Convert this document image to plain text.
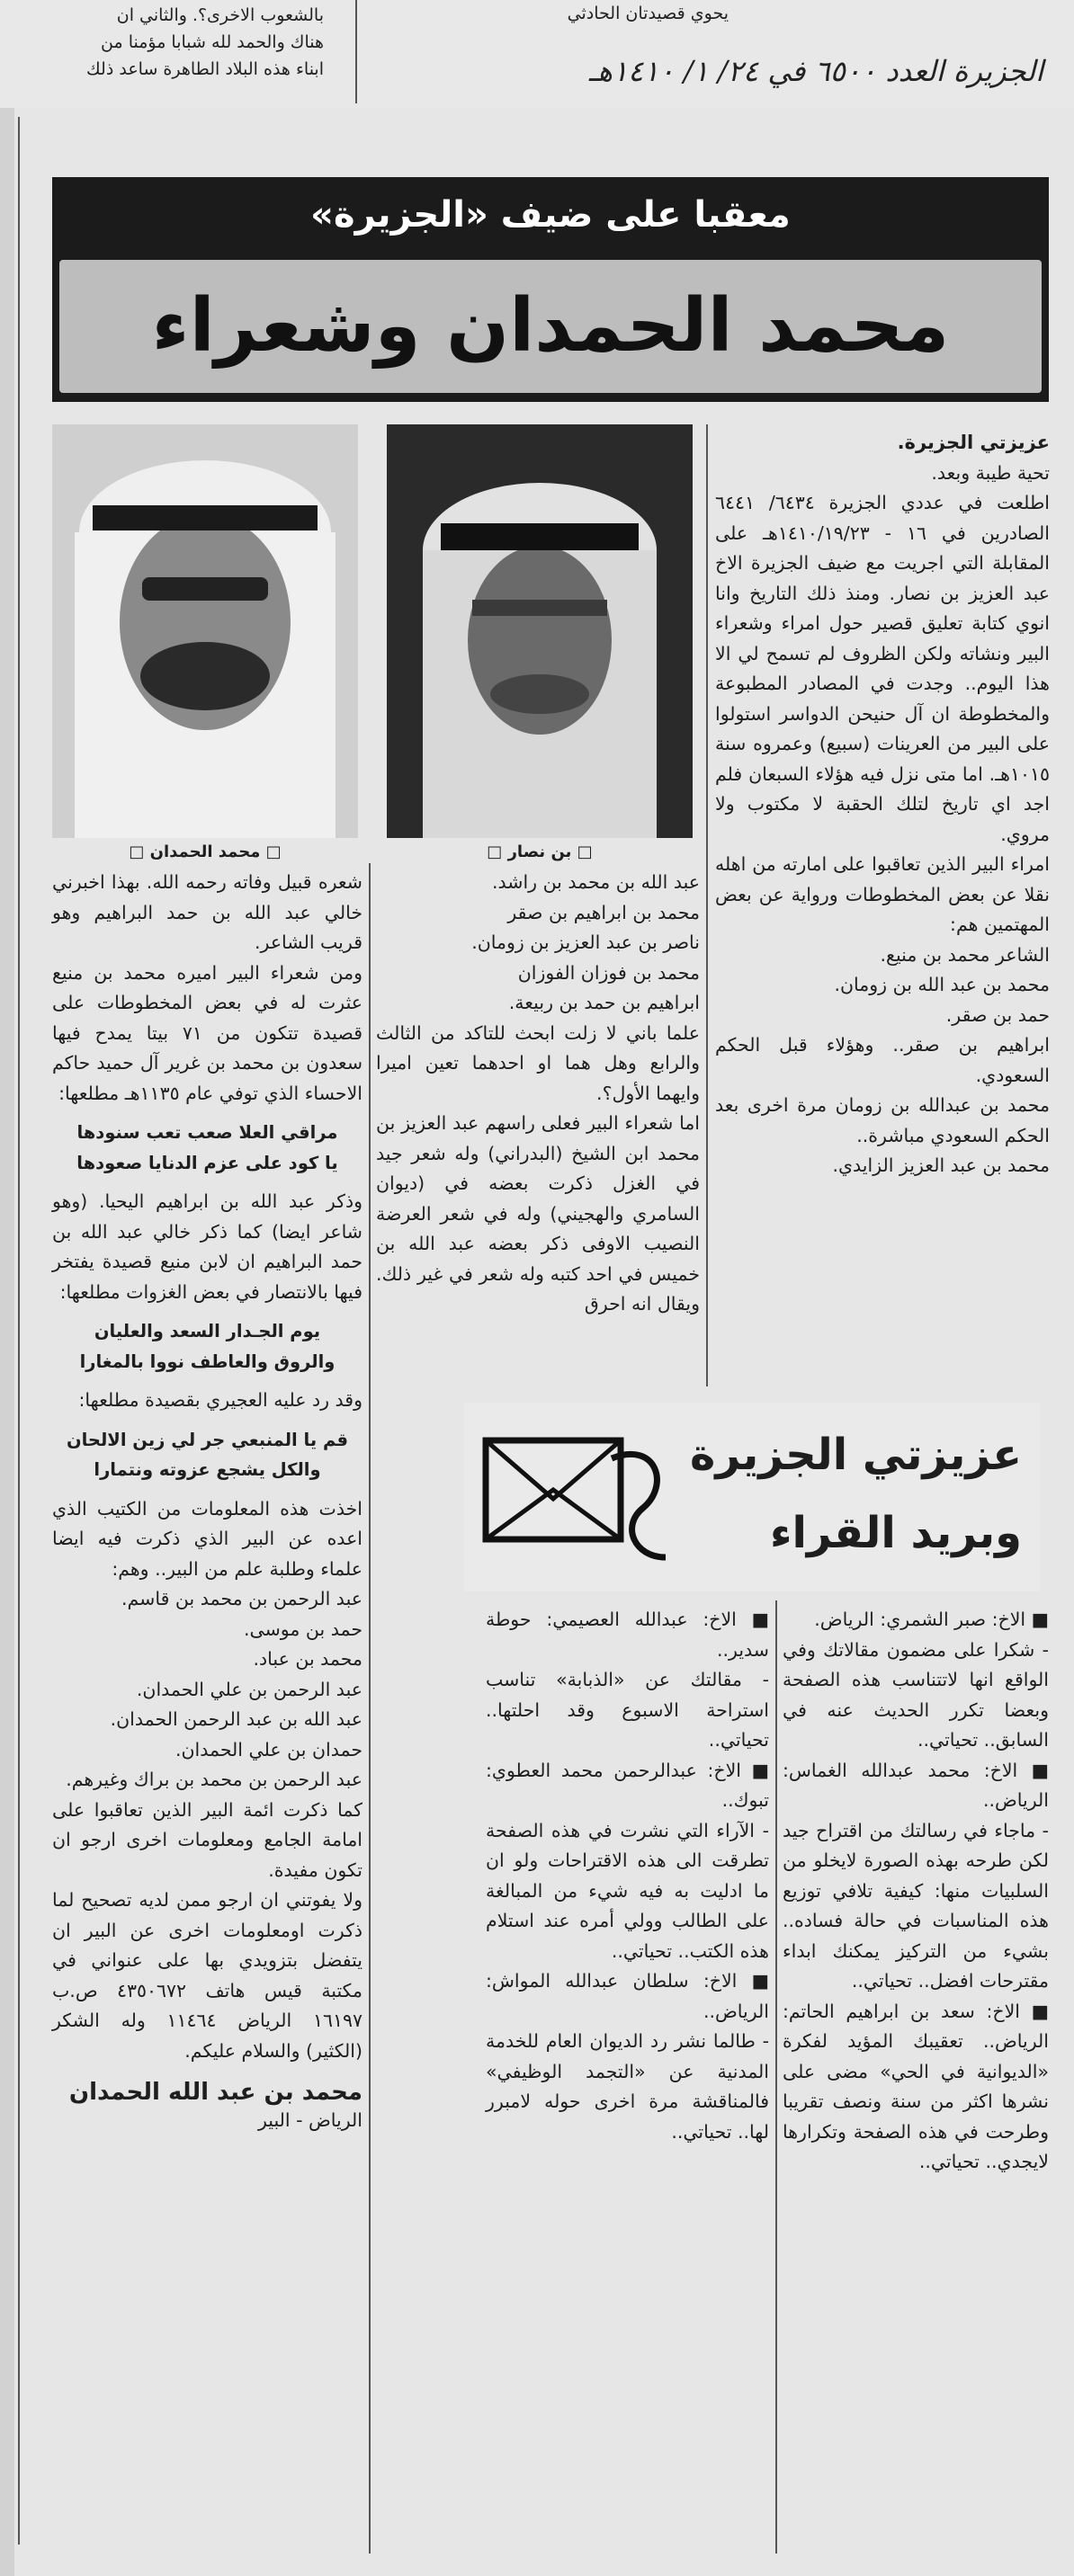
بالشعوب الاخرى؟. والثاني ان
هناك والحمد لله شبابا مؤمنا من
ابناء هذه البلاد الطاهرة ساعد ذلك
يحوي قصيدتان الحادثي
الجزيرة العدد ٦٥٠٠ في ٢٤/ ١/ ١٤١٠هـ
معقبا على ضيف «الجزيرة»
محمد الحمدان وشعراء
□ بن نصار □
□ محمد الحمدان □
عزيزتي الجزيرة.
تحية طيبة وبعد.
اطلعت في عددي الجزيرة ٦٤٣٤/ ٦٤٤١ الصادرين في ١٦ - ١٤١٠/١٩/٢٣هـ على المقابلة التي اجريت مع ضيف الجزيرة الاخ عبد العزيز بن نصار. ومنذ ذلك التاريخ وانا انوي كتابة تعليق قصير حول امراء وشعراء البير ونشاته ولكن الظروف لم تسمح لي الا هذا اليوم.. وجدت في المصادر المطبوعة والمخطوطة ان آل حنيحن الدواسر استولوا على البير من العرينات (سبيع) وعمروه سنة ١٠١٥هـ. اما متى نزل فيه هؤلاء السبعان فلم اجد اي تاريخ لتلك الحقبة لا مكتوب ولا مروي.
امراء البير الذين تعاقبوا على امارته من اهله نقلا عن بعض المخطوطات ورواية عن بعض المهتمين هم:
الشاعر محمد بن منيع.
محمد بن عبد الله بن زومان.
حمد بن صقر.
ابراهيم بن صقر.. وهؤلاء قبل الحكم السعودي.
محمد بن عبدالله بن زومان مرة اخرى بعد الحكم السعودي مباشرة..
محمد بن عبد العزيز الزايدي.
عبد الله بن محمد بن راشد.
محمد بن ابراهيم بن صقر
ناصر بن عبد العزيز بن زومان.
محمد بن فوزان الفوزان
ابراهيم بن حمد بن ربيعة.
علما باني لا زلت ابحث للتاكد من الثالث والرابع وهل هما او احدهما تعين اميرا وايهما الأول؟.
اما شعراء البير فعلى راسهم عبد العزيز بن محمد ابن الشيخ (البدراني) وله شعر جيد في الغزل ذكرت بعضه في (ديوان السامري والهجيني) وله في شعر العرضة النصيب الاوفى ذكر بعضه عبد الله بن خميس في احد كتبه وله شعر في غير ذلك. ويقال انه احرق
شعره قبيل وفاته رحمه الله. بهذا اخبرني خالي عبد الله بن حمد البراهيم وهو قريب الشاعر.
ومن شعراء البير اميره محمد بن منيع عثرت له في بعض المخطوطات على قصيدة تتكون من ٧١ بيتا يمدح فيها سعدون بن محمد بن غرير آل حميد حاكم الاحساء الذي توفي عام ١١٣٥هـ مطلعها:
مراقي العلا صعب تعب سنودها
يا كود على عزم الدنايا صعودها
وذكر عبد الله بن ابراهيم اليحيا. (وهو شاعر ايضا) كما ذكر خالي عبد الله بن حمد البراهيم ان لابن منيع قصيدة يفتخر فيها بالانتصار في بعض الغزوات مطلعها:
يوم الجـدار السعد والعليان
والروق والعاطف نووا بالمغارا
وقد رد عليه العجيري بقصيدة مطلعها:
قم يا المنبعي جر لي زين الالحان
والكل يشجع عزوته ونتمارا
اخذت هذه المعلومات من الكتيب الذي اعده عن البير الذي ذكرت فيه ايضا علماء وطلبة علم من البير.. وهم:
عبد الرحمن بن محمد بن قاسم.
حمد بن موسى.
محمد بن عباد.
عبد الرحمن بن علي الحمدان.
عبد الله بن عبد الرحمن الحمدان.
حمدان بن علي الحمدان.
عبد الرحمن بن محمد بن براك وغيرهم.
كما ذكرت ائمة البير الذين تعاقبوا على امامة الجامع ومعلومات اخرى ارجو ان تكون مفيدة.
ولا يفوتني ان ارجو ممن لديه تصحيح لما ذكرت اومعلومات اخرى عن البير ان يتفضل بتزويدي بها على عنواني في مكتبة قيس هاتف ٤٣٥٠٦٧٢ ص.ب ١٦١٩٧ الرياض ١١٤٦٤ وله الشكر (الكثير) والسلام عليكم.
محمد بن عبد الله الحمدان
الرياض - البير
عزيزتي الجزيرة
وبريد القراء
■ الاخ: صبر الشمري: الرياض.
- شكرا على مضمون مقالاتك وفي الواقع انها لاتتناسب هذه الصفحة وبعضا تكرر الحديث عنه في السابق.. تحياتي..
■ الاخ: محمد عبدالله الغماس: الرياض..
- ماجاء في رسالتك من اقتراح جيد لكن طرحه بهذه الصورة لايخلو من السلبيات منها: كيفية تلافي توزيع هذه المناسبات في حالة فساده.. بشيء من التركيز يمكنك ابداء مقترحات افضل.. تحياتي..
■ الاخ: سعد بن ابراهيم الحاتم: الرياض.. تعقيبك المؤيد لفكرة «الديوانية في الحي» مضى على نشرها اكثر من سنة ونصف تقريبا وطرحت في هذه الصفحة وتكرارها لايجدي.. تحياتي..
■ الاخ: عبدالله العصيمي: حوطة سدير..
- مقالتك عن «الذبابة» تناسب استراحة الاسبوع وقد احلتها.. تحياتي..
■ الاخ: عبدالرحمن محمد العطوي: تبوك..
- الآراء التي نشرت في هذه الصفحة تطرقت الى هذه الاقتراحات ولو ان ما ادليت به فيه شيء من المبالغة على الطالب وولي أمره عند استلام هذه الكتب.. تحياتي..
■ الاخ: سلطان عبدالله المواش: الرياض..
- طالما نشر رد الديوان العام للخدمة المدنية عن «التجمد الوظيفي» فالمناقشة مرة اخرى حوله لامبرر لها.. تحياتي..
